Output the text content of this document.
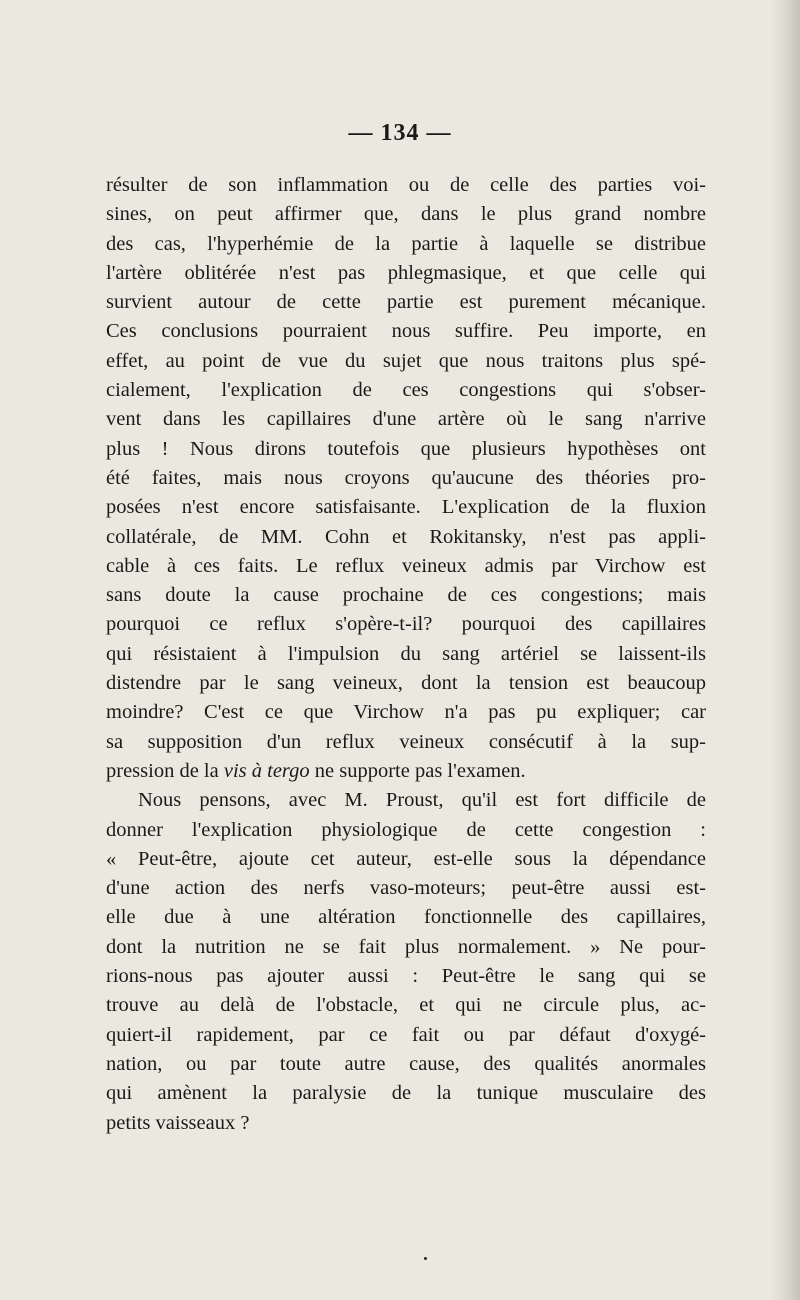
— 134 —
résulter de son inflammation ou de celle des parties voi-
sines, on peut affirmer que, dans le plus grand nombre
des cas, l'hyperhémie de la partie à laquelle se distribue
l'artère oblitérée n'est pas phlegmasique, et que celle qui
survient autour de cette partie est purement mécanique.
Ces conclusions pourraient nous suffire. Peu importe, en
effet, au point de vue du sujet que nous traitons plus spé-
cialement, l'explication de ces congestions qui s'obser-
vent dans les capillaires d'une artère où le sang n'arrive
plus ! Nous dirons toutefois que plusieurs hypothèses ont
été faites, mais nous croyons qu'aucune des théories pro-
posées n'est encore satisfaisante. L'explication de la fluxion
collatérale, de MM. Cohn et Rokitansky, n'est pas appli-
cable à ces faits. Le reflux veineux admis par Virchow est
sans doute la cause prochaine de ces congestions; mais
pourquoi ce reflux s'opère-t-il? pourquoi des capillaires
qui résistaient à l'impulsion du sang artériel se laissent-ils
distendre par le sang veineux, dont la tension est beaucoup
moindre? C'est ce que Virchow n'a pas pu expliquer; car
sa supposition d'un reflux veineux consécutif à la sup-
pression de la vis à tergo ne supporte pas l'examen.
Nous pensons, avec M. Proust, qu'il est fort difficile de
donner l'explication physiologique de cette congestion :
« Peut-être, ajoute cet auteur, est-elle sous la dépendance
d'une action des nerfs vaso-moteurs; peut-être aussi est-
elle due à une altération fonctionnelle des capillaires,
dont la nutrition ne se fait plus normalement. » Ne pour-
rions-nous pas ajouter aussi : Peut-être le sang qui se
trouve au delà de l'obstacle, et qui ne circule plus, ac-
quiert-il rapidement, par ce fait ou par défaut d'oxygé-
nation, ou par toute autre cause, des qualités anormales
qui amènent la paralysie de la tunique musculaire des
petits vaisseaux ?
